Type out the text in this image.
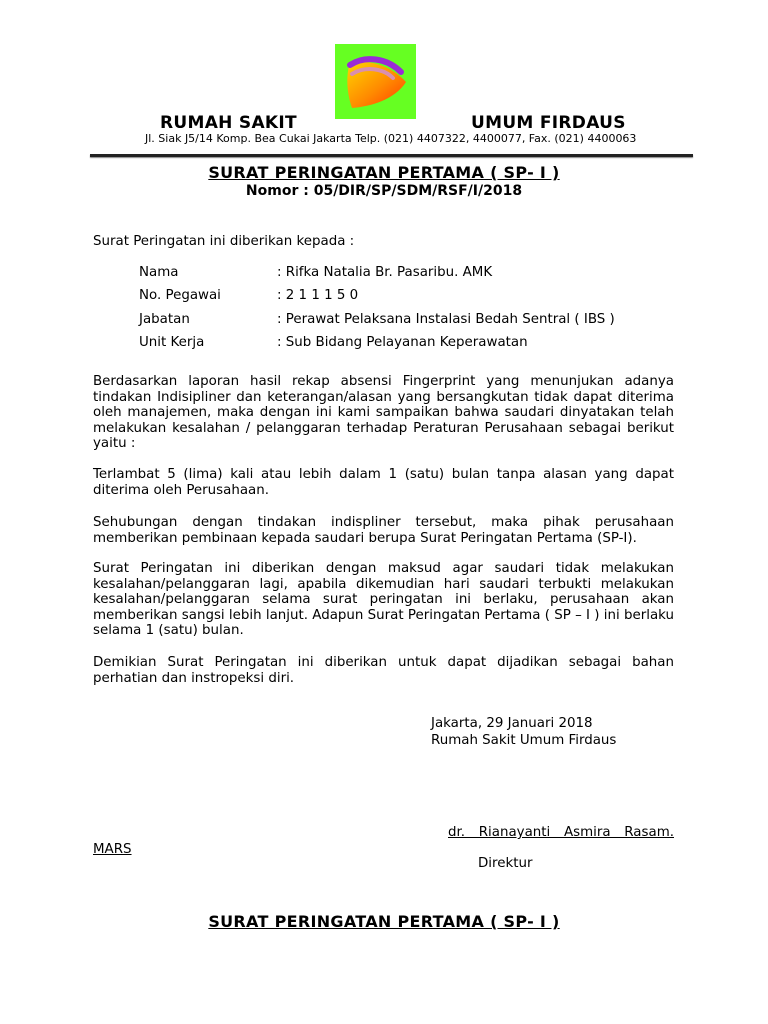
RUMAH SAKIT	UMUM FIRDAUS
Jl. Siak J5/14 Komp. Bea Cukai Jakarta Telp. (021) 4407322, 4400077, Fax. (021) 4400063
SURAT PERINGATAN PERTAMA ( SP- I )
Nomor : 05/DIR/SP/SDM/RSF/I/2018
Surat Peringatan ini diberikan kepada :
Nama	: Rifka Natalia Br. Pasaribu. AMK
No. Pegawai	: 2 1 1 1 5 0
Jabatan	: Perawat Pelaksana Instalasi Bedah Sentral ( IBS )
Unit Kerja	: Sub Bidang Pelayanan Keperawatan
Berdasarkan laporan hasil rekap absensi Fingerprint yang menunjukan adanya tindakan Indisipliner dan keterangan/alasan yang bersangkutan tidak dapat diterima oleh manajemen, maka dengan ini kami sampaikan bahwa saudari dinyatakan telah melakukan kesalahan / pelanggaran terhadap Peraturan Perusahaan sebagai berikut yaitu :
Terlambat 5 (lima) kali atau lebih dalam 1 (satu) bulan tanpa alasan yang dapat diterima oleh Perusahaan.
Sehubungan dengan tindakan indispliner tersebut, maka pihak perusahaan memberikan pembinaan kepada saudari berupa Surat Peringatan Pertama (SP-I).
Surat Peringatan ini diberikan dengan maksud agar saudari tidak melakukan kesalahan/pelanggaran lagi, apabila dikemudian hari saudari terbukti melakukan kesalahan/pelanggaran selama surat peringatan ini berlaku, perusahaan akan memberikan sangsi lebih lanjut. Adapun Surat Peringatan Pertama ( SP – I ) ini berlaku selama 1 (satu) bulan.
Demikian Surat Peringatan ini diberikan untuk dapat dijadikan sebagai bahan perhatian dan instropeksi diri.
Jakarta, 29 Januari 2018
Rumah Sakit Umum Firdaus
dr. Rianayanti Asmira Rasam.
MARS
Direktur
SURAT PERINGATAN PERTAMA ( SP- I )
